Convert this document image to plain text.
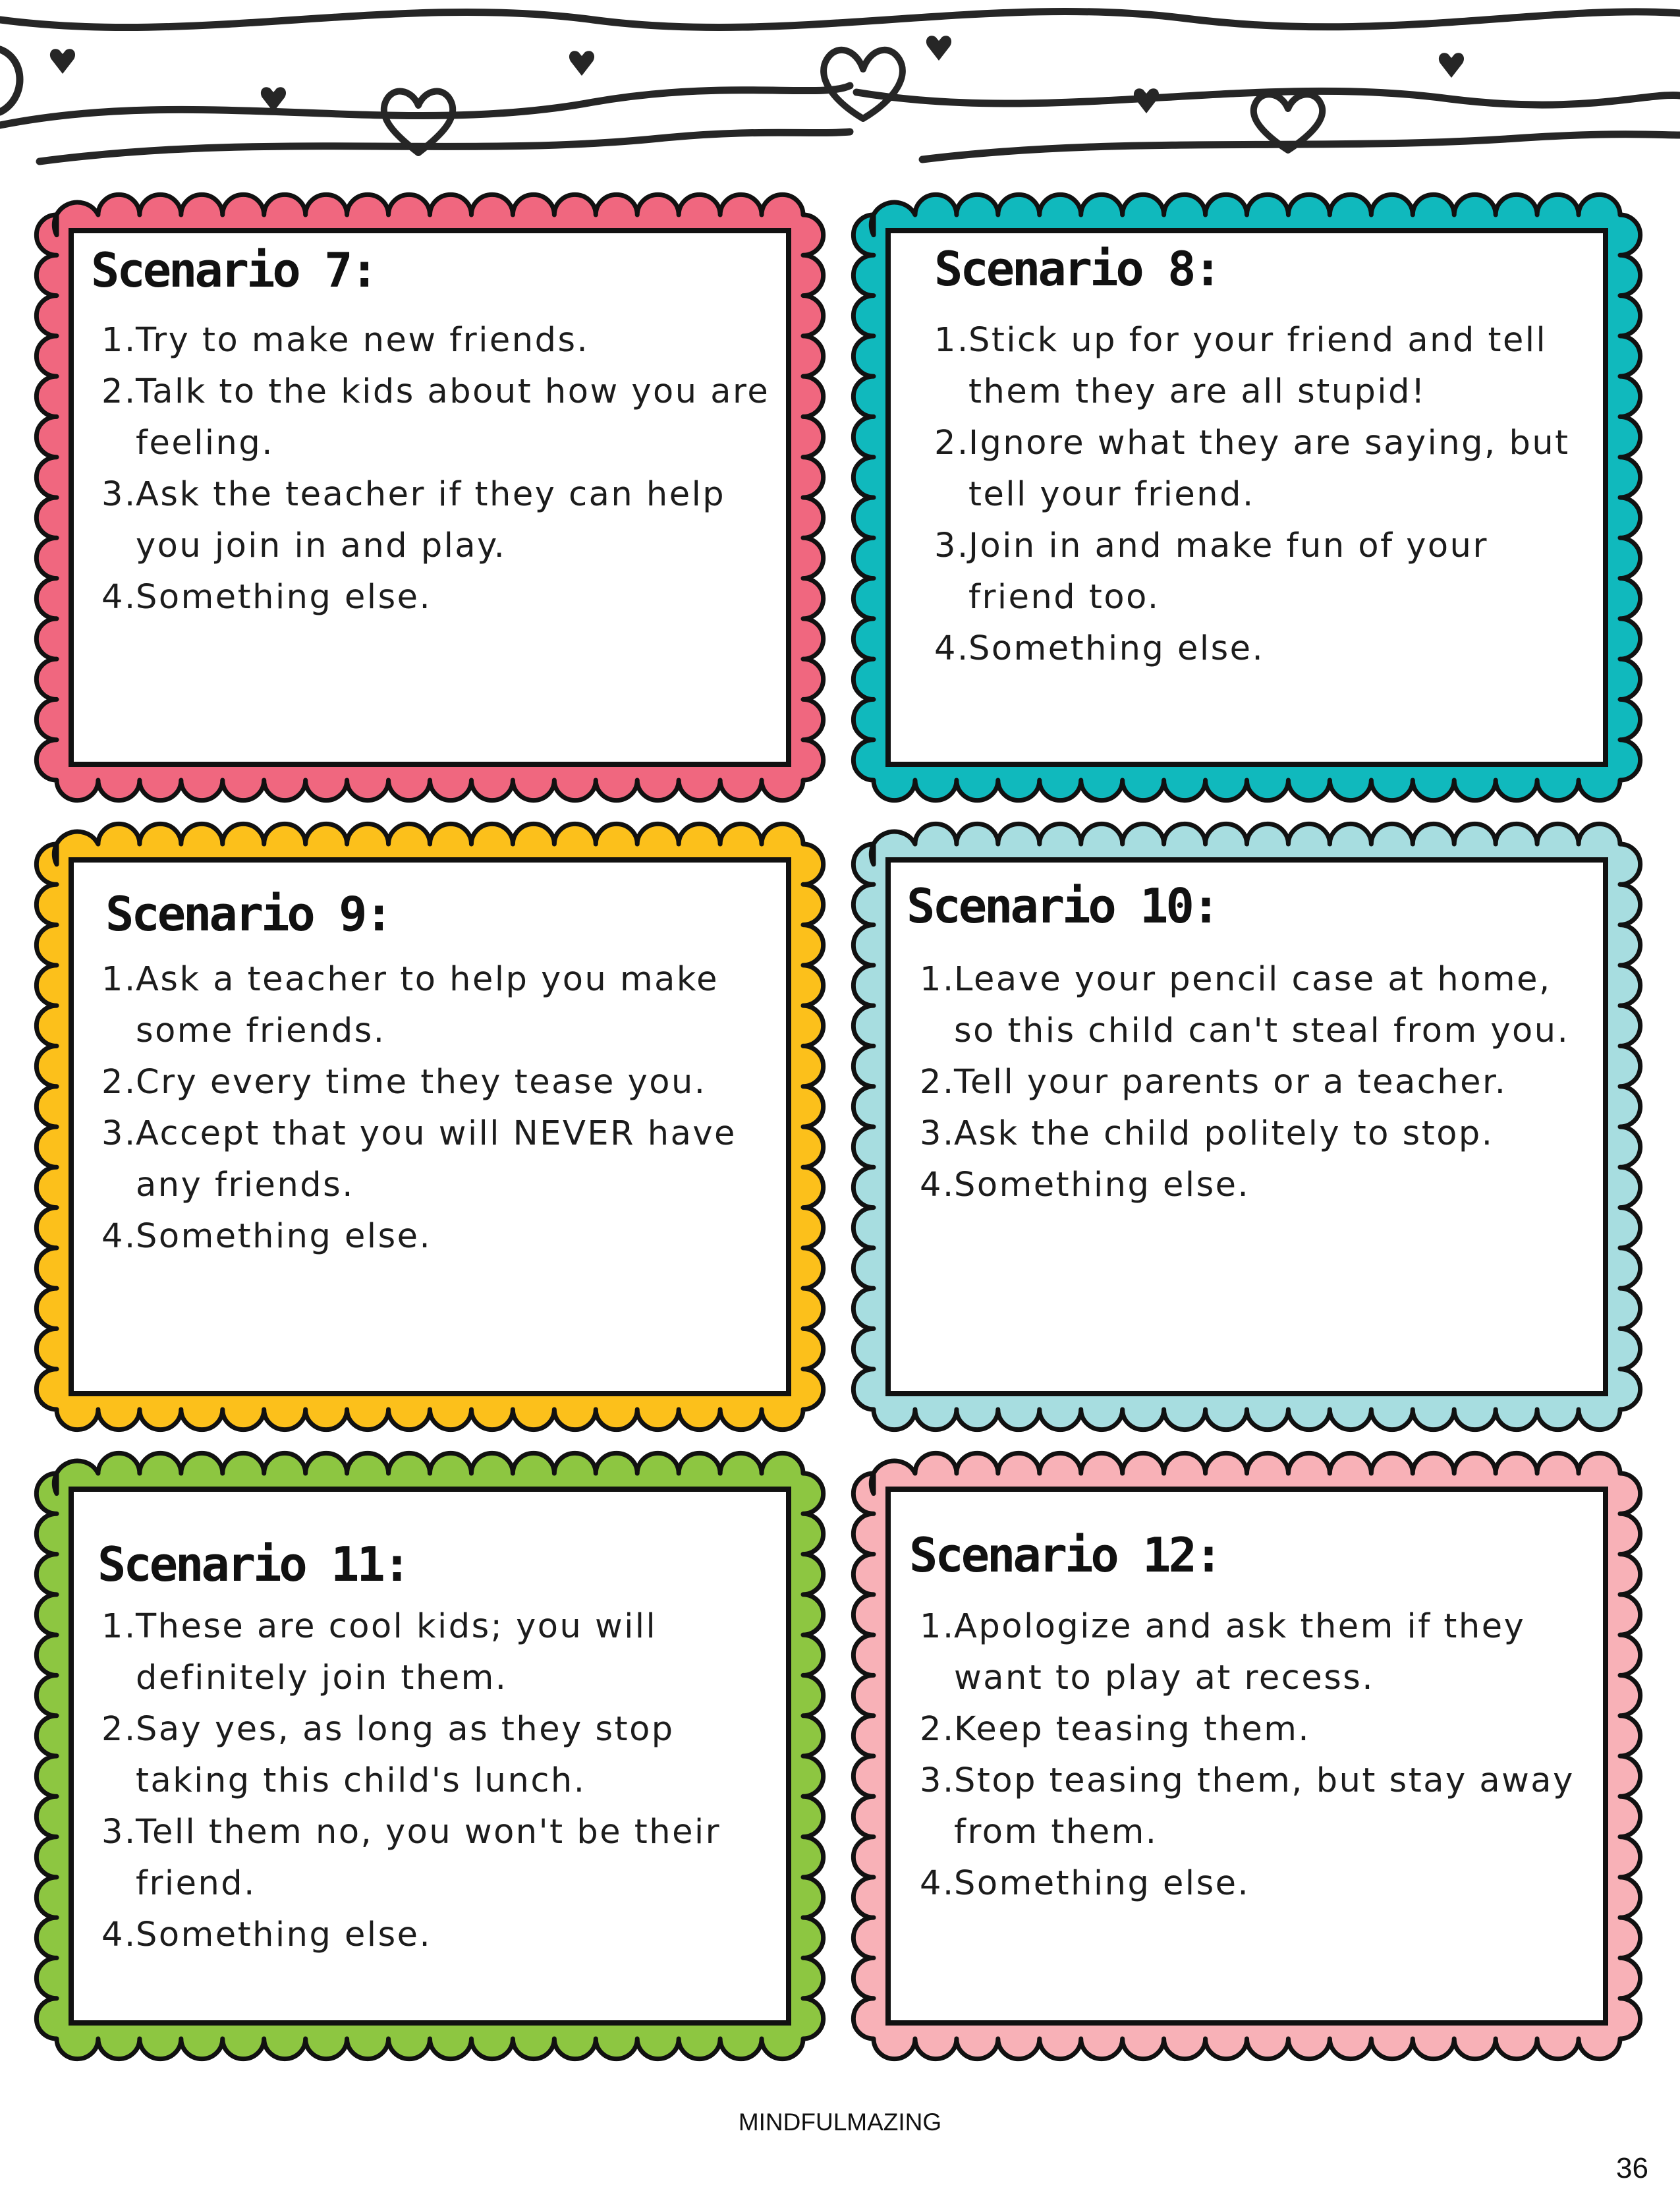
Scenario 7:

1.
Try to make new friends.
2.
Talk to the kids about how you are feeling.
3.
Ask the teacher if they can help you join in and play.
4.
Something else.

Scenario 8:

1.
Stick up for your friend and tell them they are all stupid!
2.
Ignore what they are saying, but tell your friend.
3.
Join in and make fun of your friend too.
4.
Something else.

Scenario 9:

1.
Ask a teacher to help you make some friends.
2.
Cry every time they tease you.
3.
Accept that you will NEVER have any friends.
4.
Something else.

Scenario 10:

1.
Leave your pencil case at home, so this child can't steal from you.
2.
Tell your parents or a teacher.
3.
Ask the child politely to stop.
4.
Something else.

Scenario 11:

1.
These are cool kids; you will definitely join them.
2.
Say yes, as long as they stop taking this child's lunch.
3.
Tell them no, you won't be their friend.
4.
Something else.

Scenario 12:

1.
Apologize and ask them if they want to play at recess.
2.
Keep teasing them.
3.
Stop teasing them, but stay away from them.
4.
Something else.
MINDFULMAZING
36
